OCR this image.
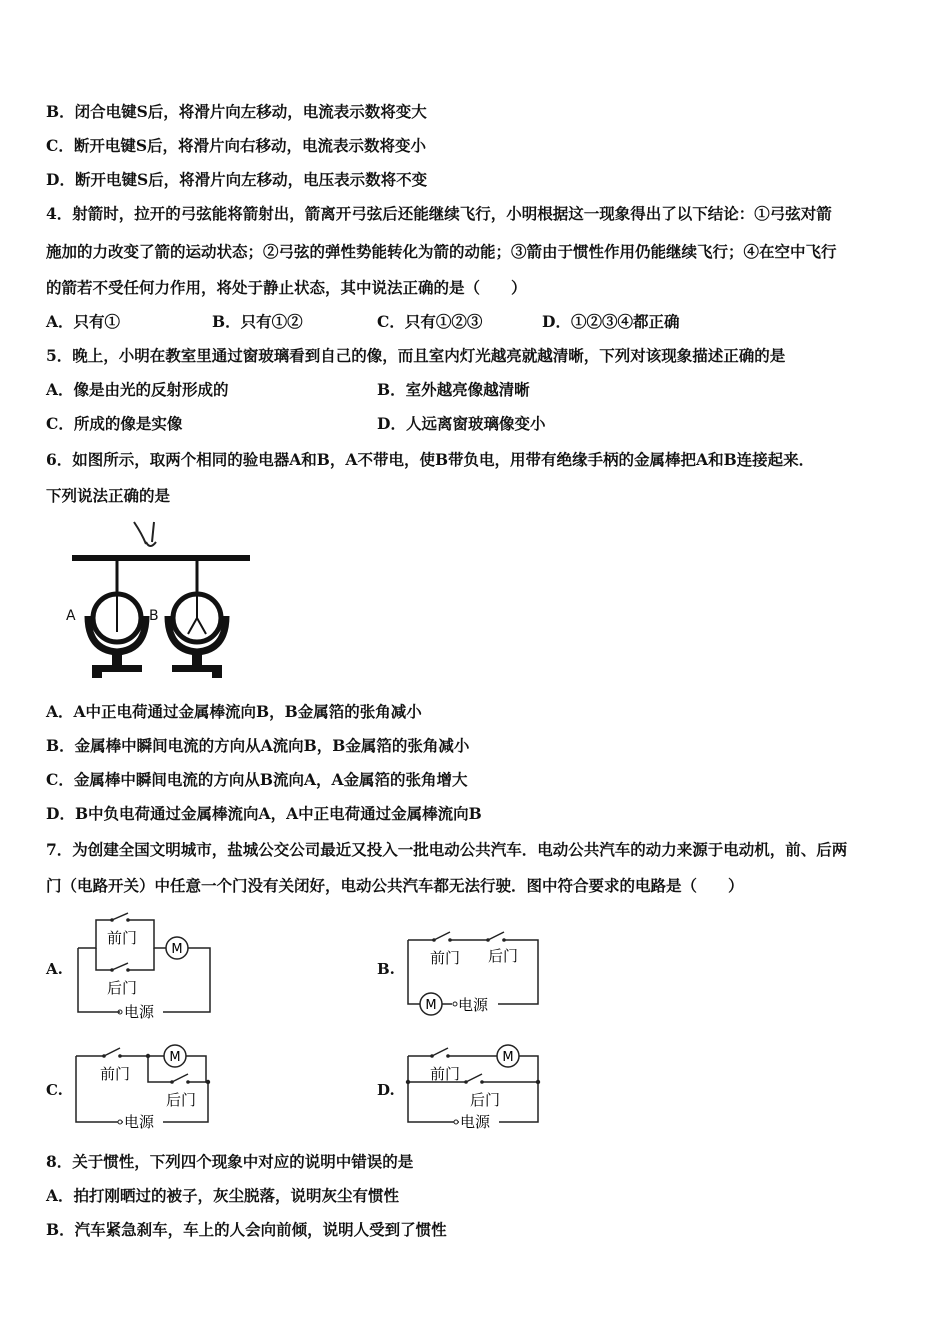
B．闭合电键S后，将滑片向左移动，电流表示数将变大
C．断开电键S后，将滑片向右移动，电流表示数将变小
D．断开电键S后，将滑片向左移动，电压表示数将不变
4．射箭时，拉开的弓弦能将箭射出，箭离开弓弦后还能继续飞行，小明根据这一现象得出了以下结论：①弓弦对箭
施加的力改变了箭的运动状态；②弓弦的弹性势能转化为箭的动能；③箭由于惯性作用仍能继续飞行；④在空中飞行
的箭若不受任何力作用，将处于静止状态，其中说法正确的是（　　）
A．只有①	B．只有①②	C．只有①②③	D．①②③④都正确
5．晚上，小明在教室里通过窗玻璃看到自己的像，而且室内灯光越亮就越清晰，下列对该现象描述正确的是
A．像是由光的反射形成的	B．室外越亮像越清晰
C．所成的像是实像	D．人远离窗玻璃像变小
6．如图所示，取两个相同的验电器A和B，A不带电，使B带负电，用带有绝缘手柄的金属棒把A和B连接起来．
下列说法正确的是
A	B
A．A中正电荷通过金属棒流向B，B金属箔的张角减小
B．金属棒中瞬间电流的方向从A流向B，B金属箔的张角减小
C．金属棒中瞬间电流的方向从B流向A，A金属箔的张角增大
D．B中负电荷通过金属棒流向A，A中正电荷通过金属棒流向B
7．为创建全国文明城市，盐城公交公司最近又投入一批电动公共汽车．电动公共汽车的动力来源于电动机，前、后两
门（电路开关）中任意一个门没有关闭好，电动公共汽车都无法行驶．图中符合要求的电路是（　　）
A.
M
前门
后门
电源
B.
M
前门 后门
电源
C.
M
前门
后门
电源
D.
M
前门
后门
电源
8．关于惯性，下列四个现象中对应的说明中错误的是
A．拍打刚晒过的被子，灰尘脱落，说明灰尘有惯性
B．汽车紧急刹车，车上的人会向前倾，说明人受到了惯性
